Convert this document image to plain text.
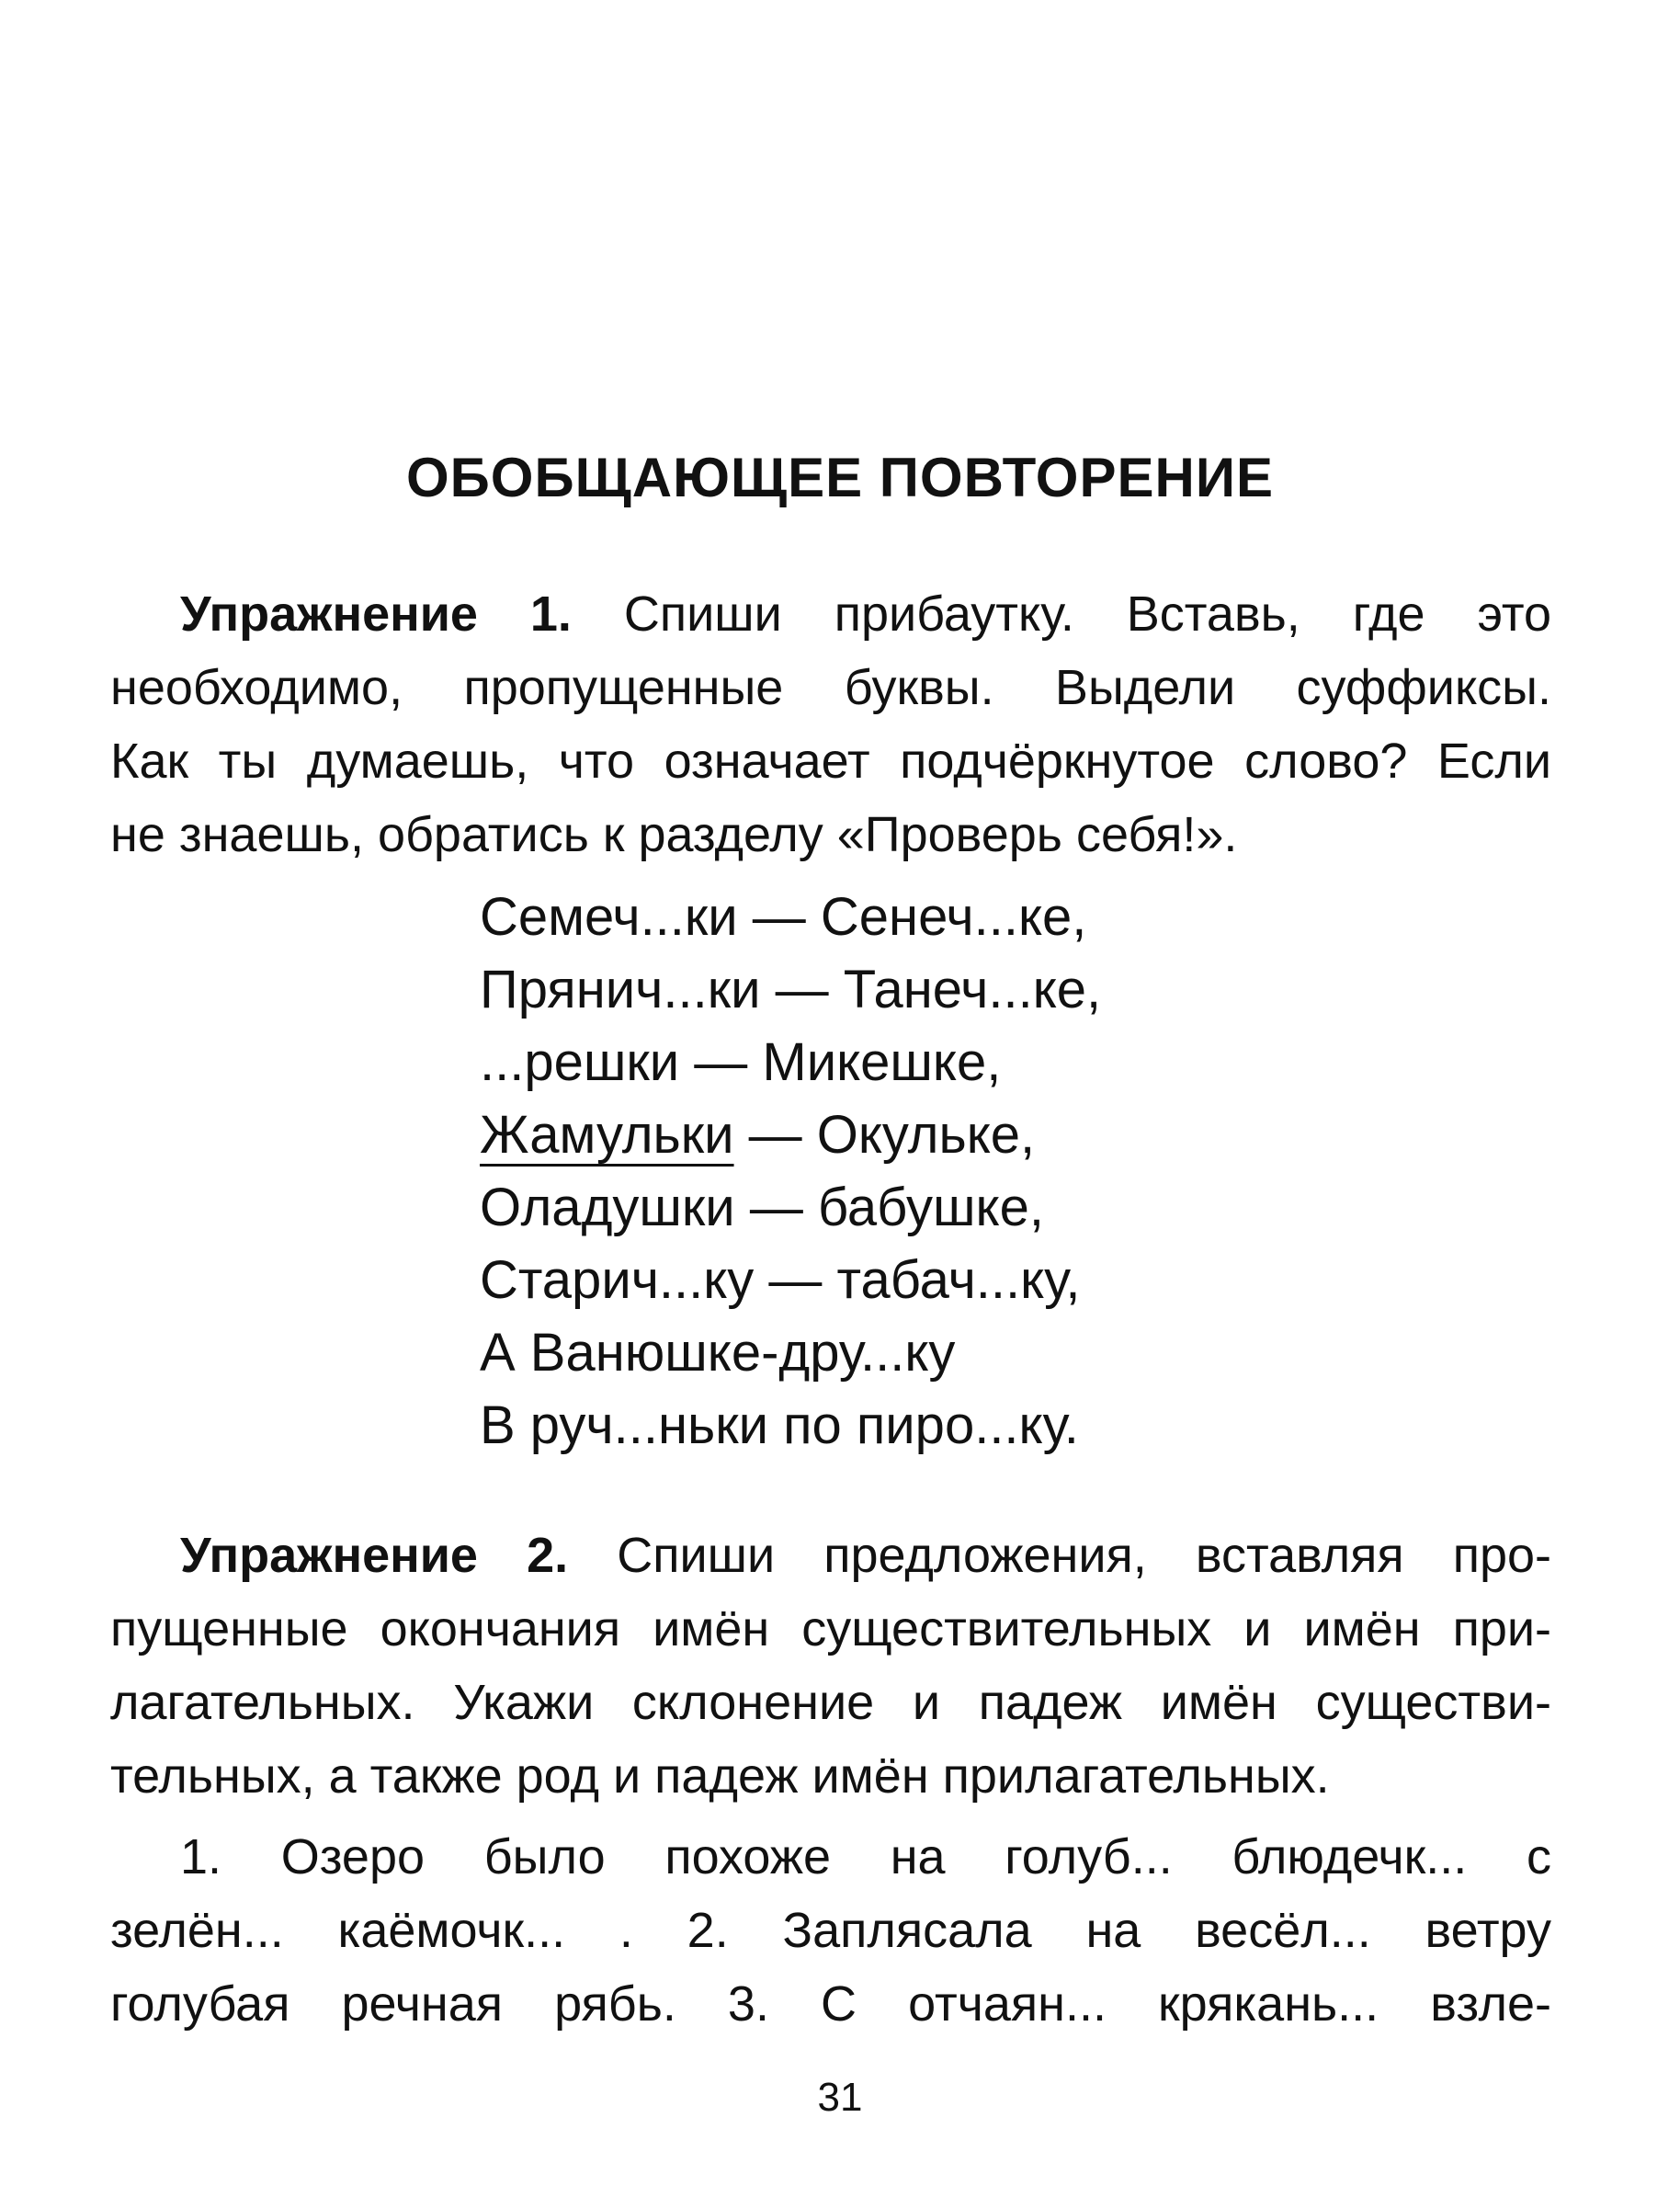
ОБОБЩАЮЩЕЕ ПОВТОРЕНИЕ
Упражнение 1. Спиши прибаутку. Вставь, где это
необходимо, пропущенные буквы. Выдели суффиксы.
Как ты думаешь, что означает подчёркнутое слово? Если
не знаешь, обратись к разделу «Проверь себя!».
Семеч...ки — Сенеч...ке,
Прянич...ки — Танеч...ке,
...решки — Микешке,
Жамульки — Окульке,
Оладушки — бабушке,
Старич...ку — табач...ку,
А Ванюшке-дру...ку
В руч...ньки по пиро...ку.
Упражнение 2. Спиши предложения, вставляя про-
пущенные окончания имён существительных и имён при-
лагательных. Укажи склонение и падеж имён существи-
тельных, а также род и падеж имён прилагательных.
1. Озеро было похоже на голуб... блюдечк... с
зелён... каёмочк... . 2. Заплясала на весёл... ветру
голубая речная рябь. 3. С отчаян... крякань... взле-
31
